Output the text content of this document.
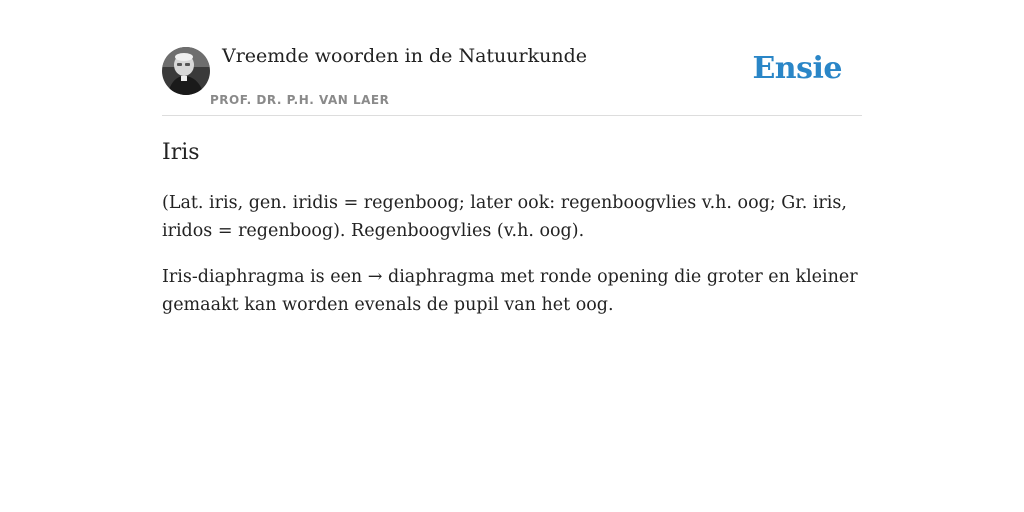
Vreemde woorden in de Natuurkunde
PROF. DR. P.H. VAN LAER
Ensie
Iris

(Lat. iris, gen. iridis = regenboog; later ook: regenboogvlies v.h. oog; Gr. iris, iridos = regenboog). Regenboogvlies (v.h. oog).

Iris-diaphragma is een → diaphragma met ronde opening die groter en kleiner gemaakt kan worden evenals de pupil van het oog.
